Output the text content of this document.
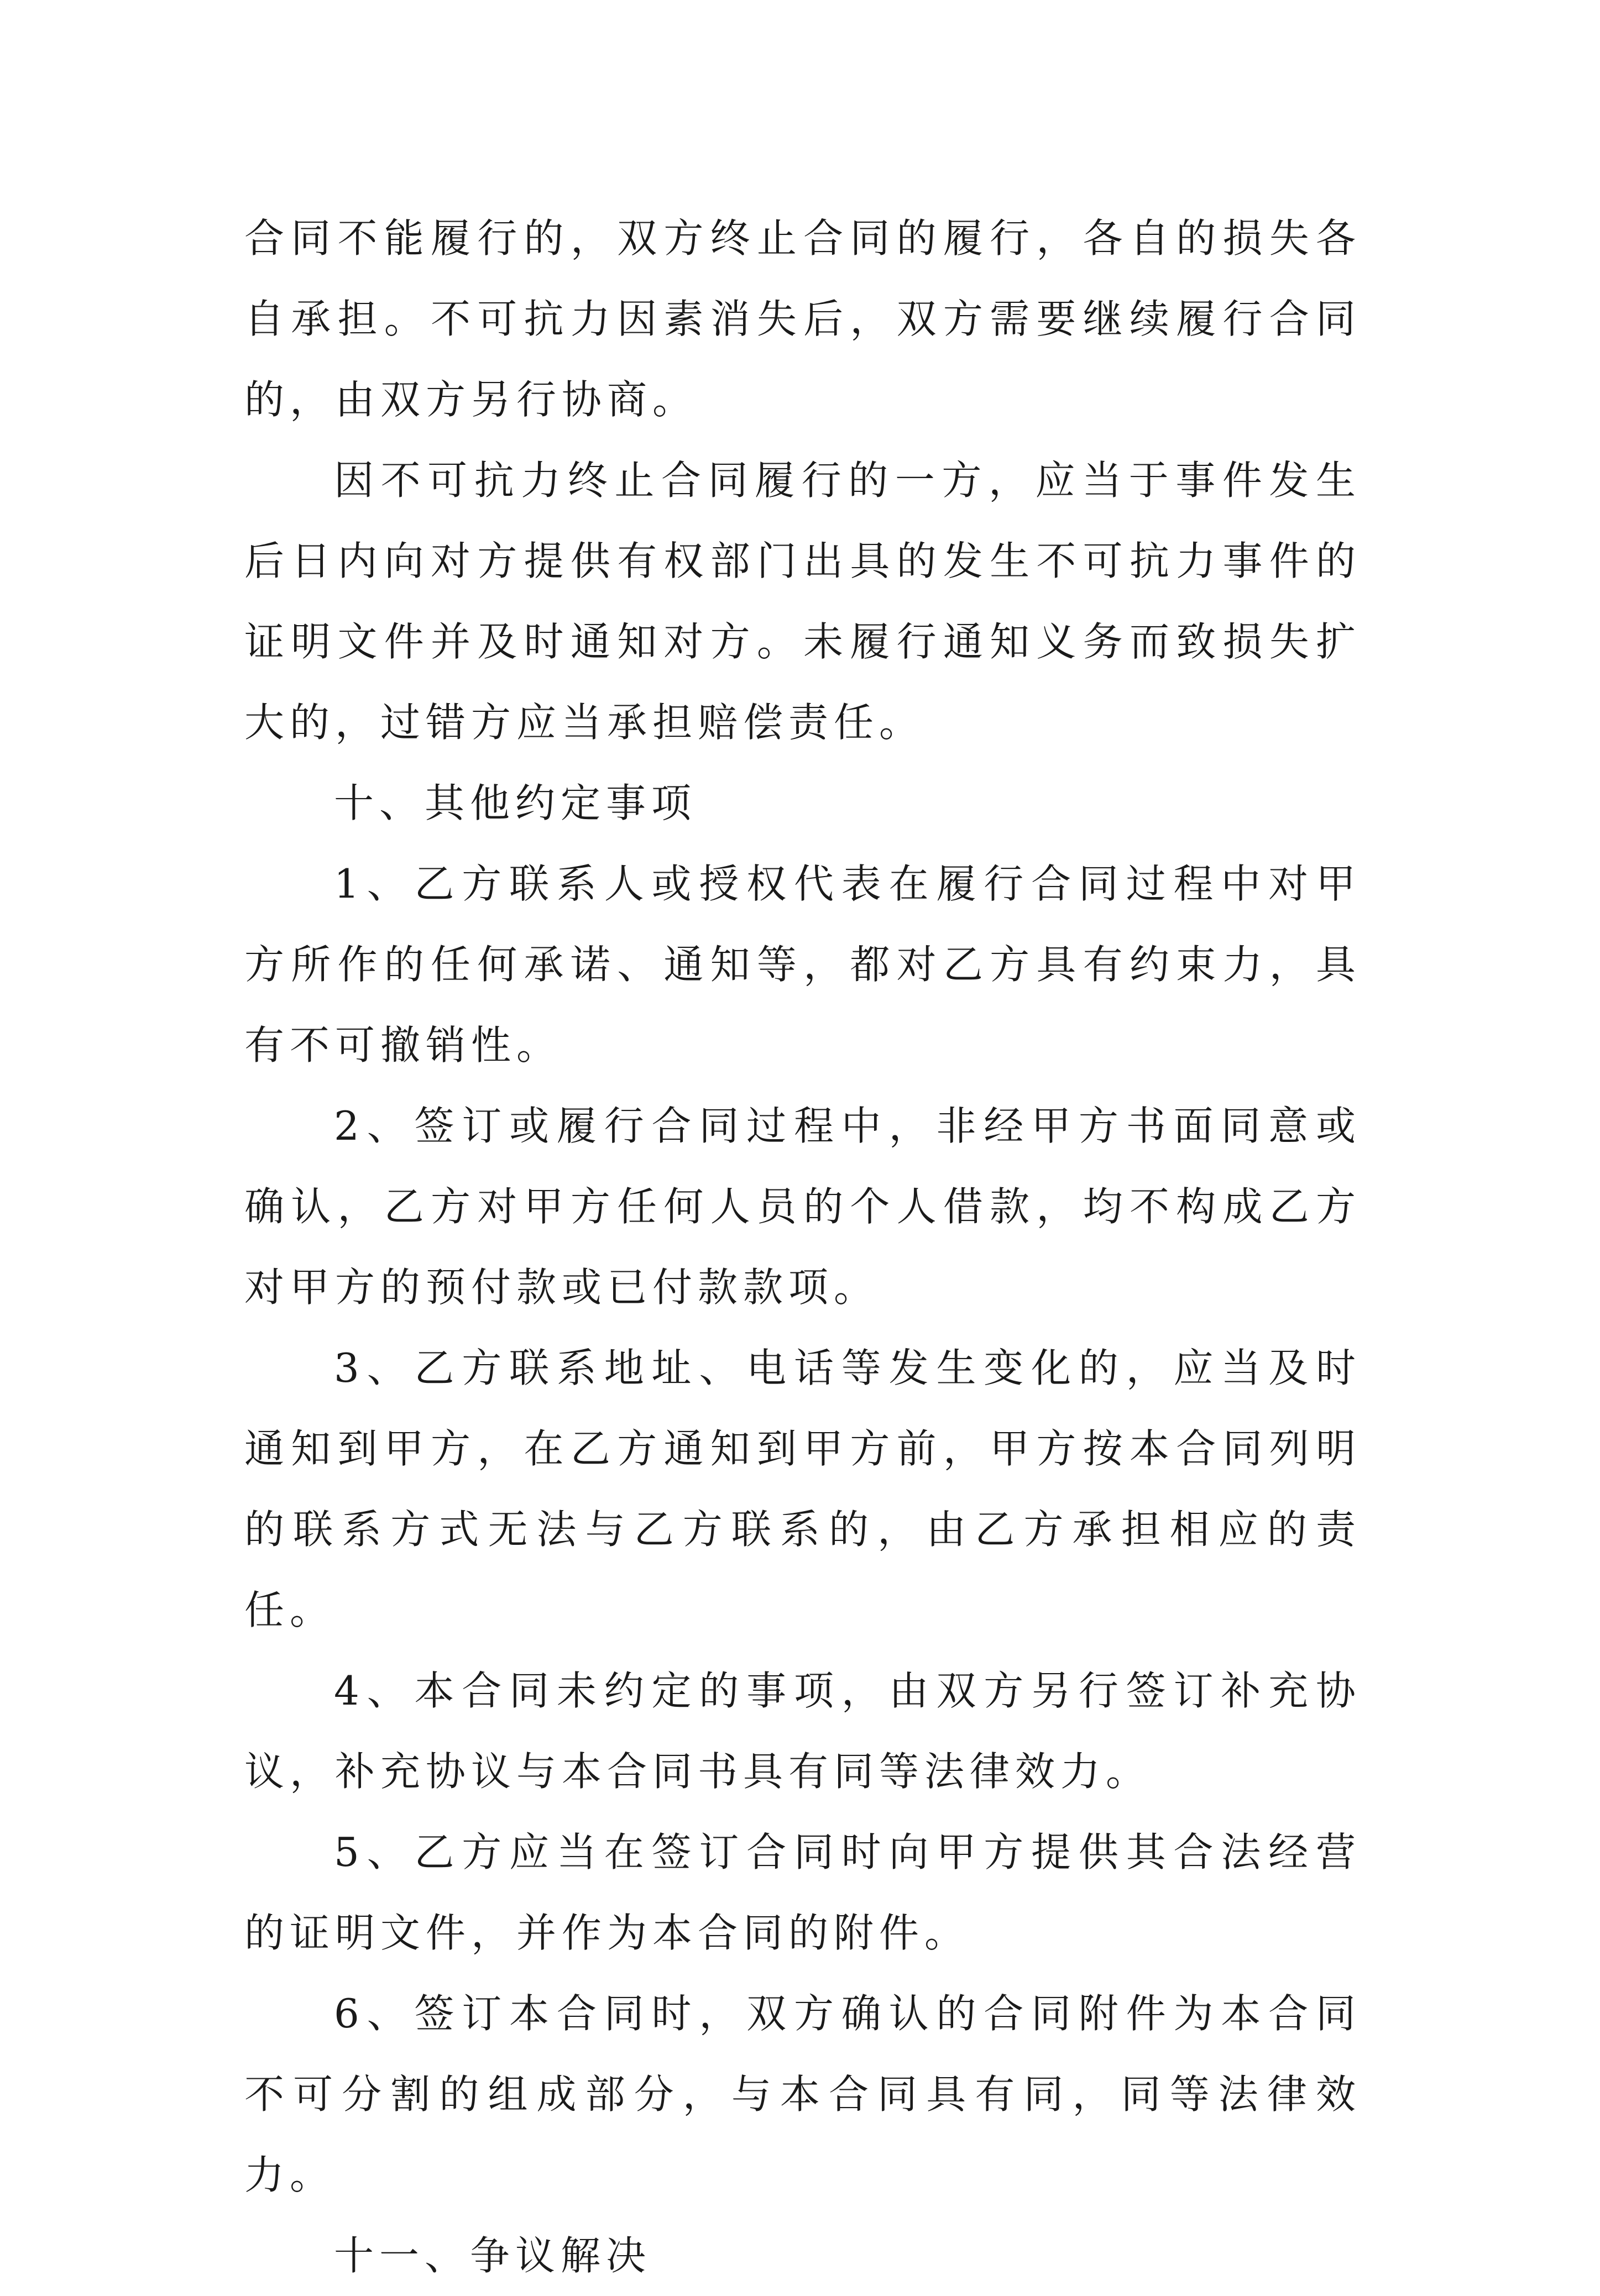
合同不能履行的，双方终止合同的履行，各自的损失各自承担。不可抗力因素消失后，双方需要继续履行合同的，由双方另行协商。

因不可抗力终止合同履行的一方，应当于事件发生后日内向对方提供有权部门出具的发生不可抗力事件的证明文件并及时通知对方。未履行通知义务而致损失扩大的，过错方应当承担赔偿责任。

十、其他约定事项

1、乙方联系人或授权代表在履行合同过程中对甲方所作的任何承诺、通知等，都对乙方具有约束力，具有不可撤销性。

2、签订或履行合同过程中，非经甲方书面同意或确认，乙方对甲方任何人员的个人借款，均不构成乙方对甲方的预付款或已付款款项。

3、乙方联系地址、电话等发生变化的，应当及时通知到甲方，在乙方通知到甲方前，甲方按本合同列明的联系方式无法与乙方联系的，由乙方承担相应的责任。

4、本合同未约定的事项，由双方另行签订补充协议，补充协议与本合同书具有同等法律效力。

5、乙方应当在签订合同时向甲方提供其合法经营的证明文件，并作为本合同的附件。

6、签订本合同时，双方确认的合同附件为本合同不可分割的组成部分，与本合同具有同，同等法律效力。

十一、争议解决
